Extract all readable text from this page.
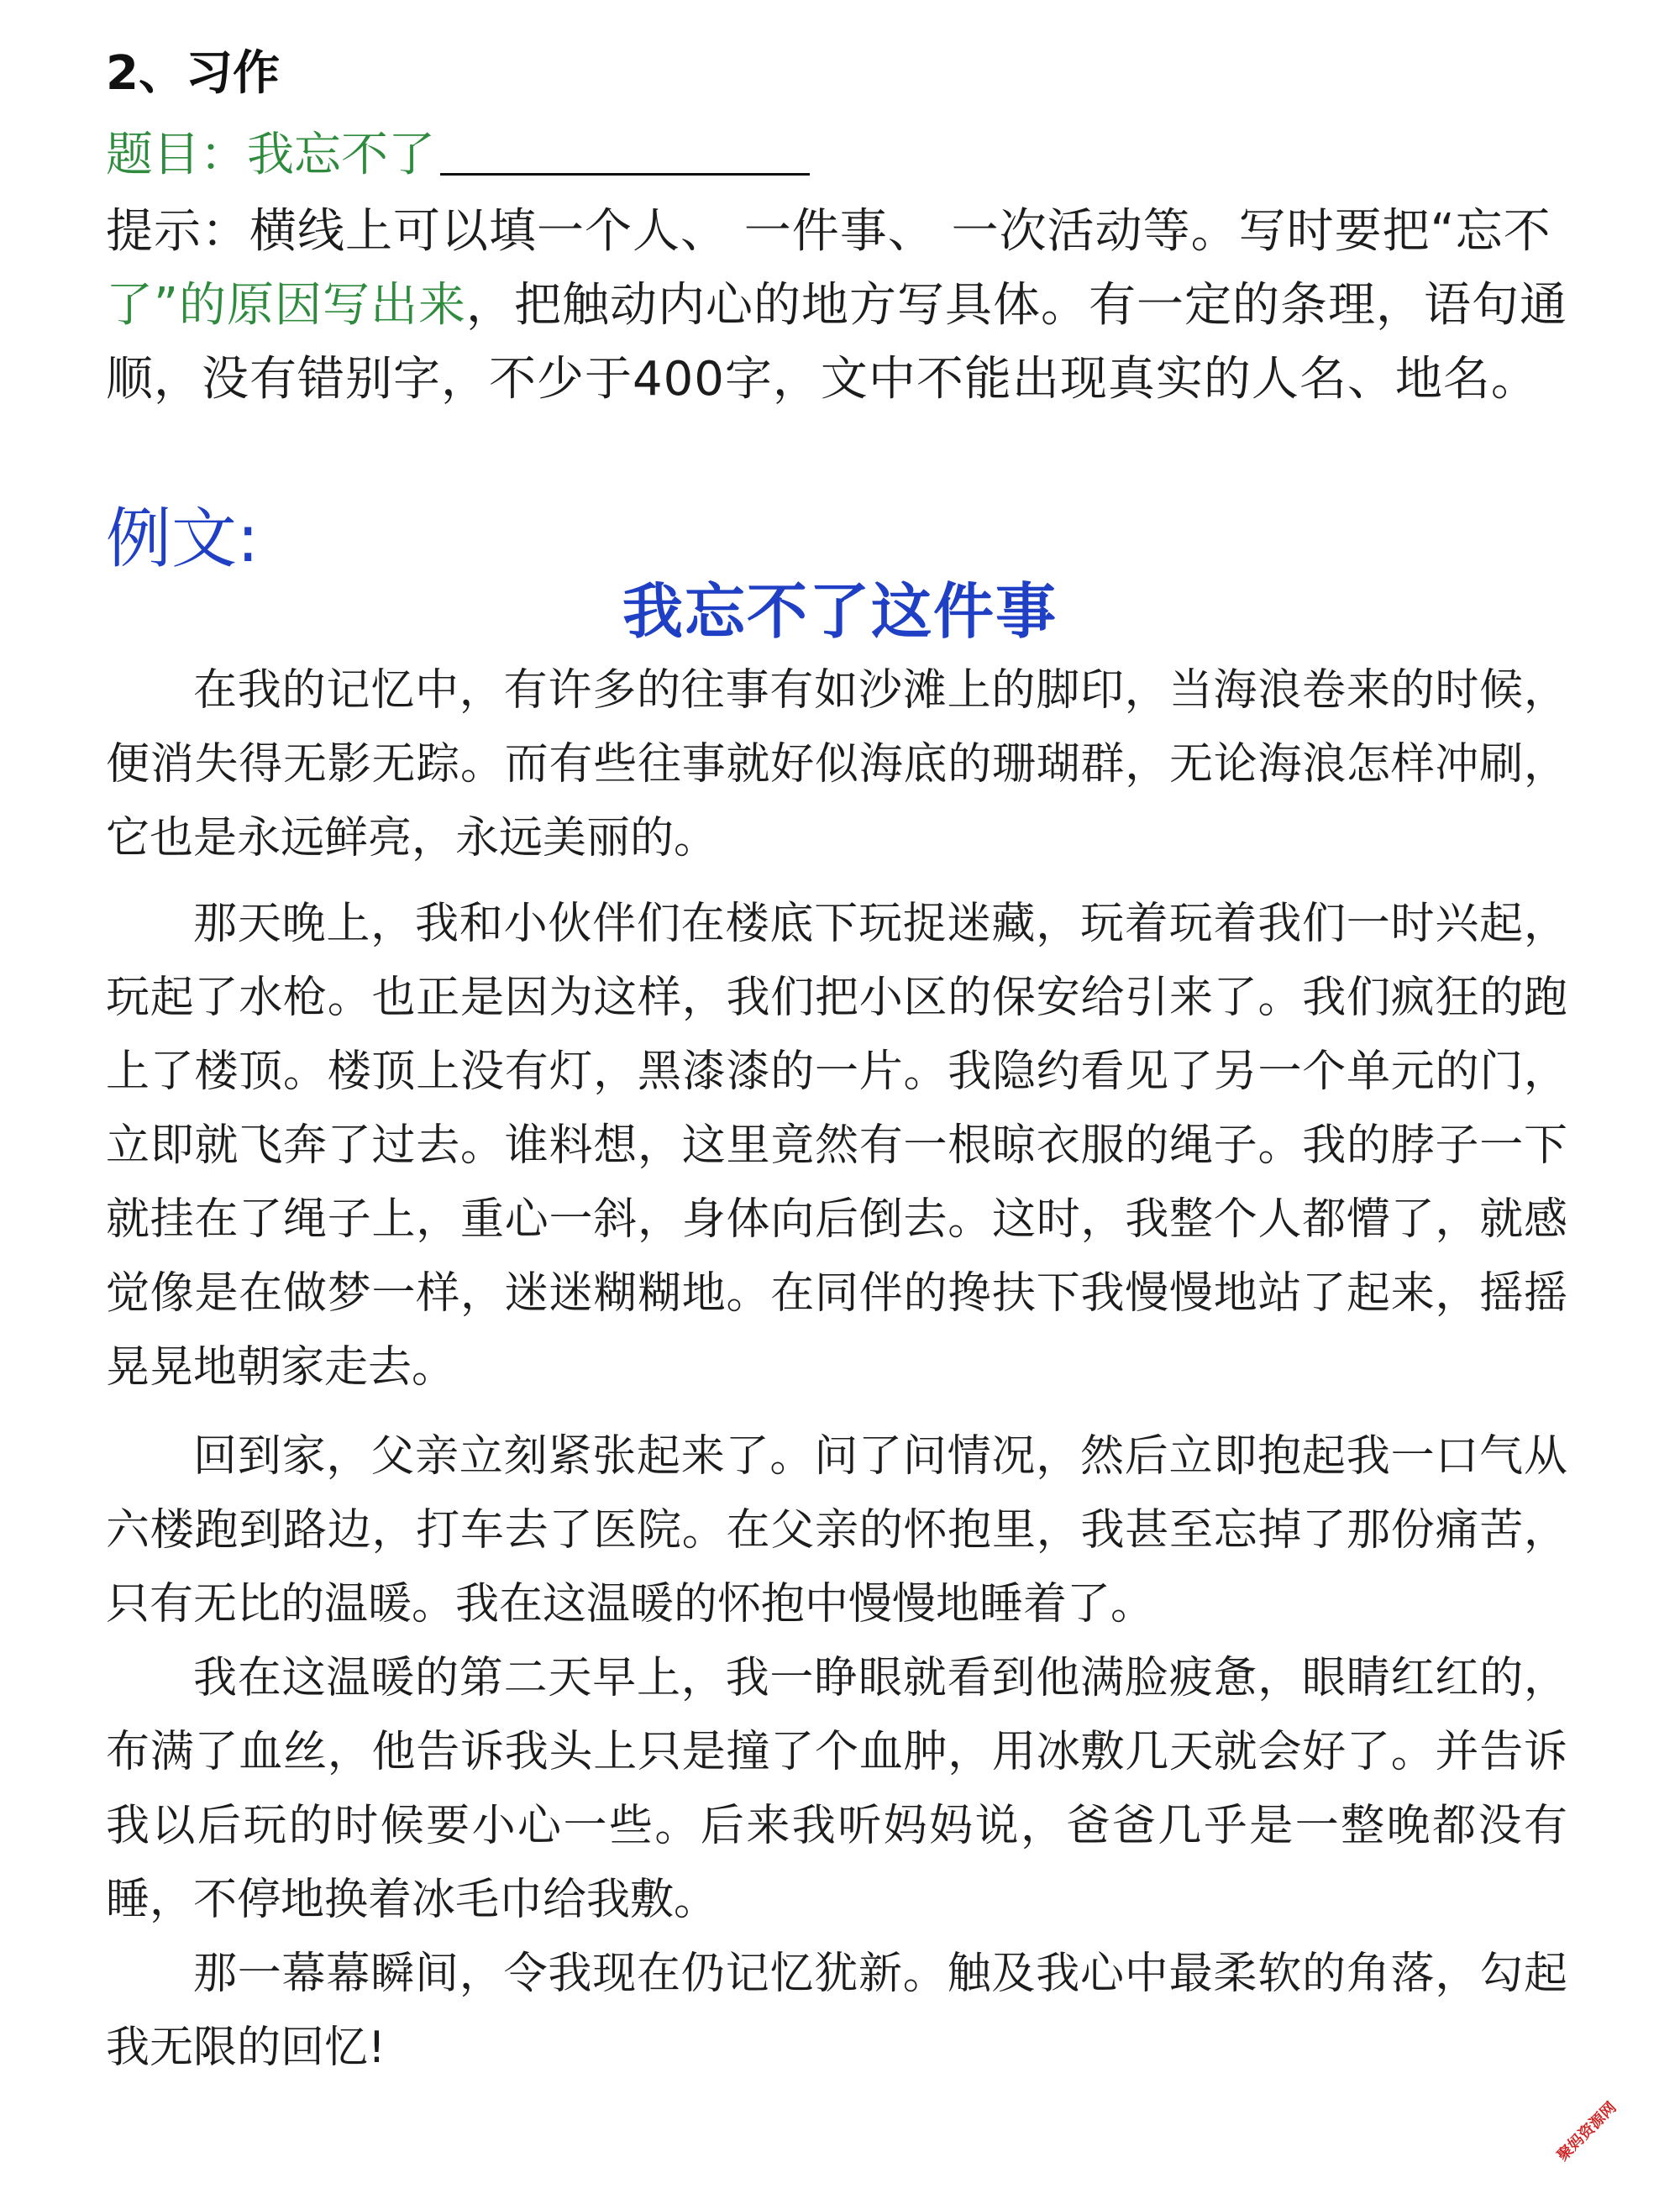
2、习作
题目：我忘不了
提示：横线上可以填一个人、 一件事、 一次活动等。写时要把“忘不了”的原因写出来，把触动内心的地方写具体。有一定的条理，语句通顺，没有错别字，不少于400字，文中不能出现真实的人名、地名。
例文:
我忘不了这件事

在我的记忆中，有许多的往事有如沙滩上的脚印，当海浪卷来的时候，便消失得无影无踪。而有些往事就好似海底的珊瑚群，无论海浪怎样冲刷，它也是永远鲜亮，永远美丽的。

那天晚上，我和小伙伴们在楼底下玩捉迷藏，玩着玩着我们一时兴起，玩起了水枪。也正是因为这样，我们把小区的保安给引来了。我们疯狂的跑上了楼顶。楼顶上没有灯，黑漆漆的一片。我隐约看见了另一个单元的门，立即就飞奔了过去。谁料想，这里竟然有一根晾衣服的绳子。我的脖子一下就挂在了绳子上，重心一斜，身体向后倒去。这时，我整个人都懵了，就感觉像是在做梦一样，迷迷糊糊地。在同伴的搀扶下我慢慢地站了起来，摇摇晃晃地朝家走去。

回到家，父亲立刻紧张起来了。问了问情况，然后立即抱起我一口气从六楼跑到路边，打车去了医院。在父亲的怀抱里，我甚至忘掉了那份痛苦，只有无比的温暖。我在这温暖的怀抱中慢慢地睡着了。

我在这温暖的第二天早上，我一睁眼就看到他满脸疲惫，眼睛红红的，布满了血丝，他告诉我头上只是撞了个血肿，用冰敷几天就会好了。并告诉我以后玩的时候要小心一些。后来我听妈妈说，爸爸几乎是一整晚都没有睡，不停地换着冰毛巾给我敷。

那一幕幕瞬间，令我现在仍记忆犹新。触及我心中最柔软的角落，勾起我无限的回忆!

聚妈资源网
